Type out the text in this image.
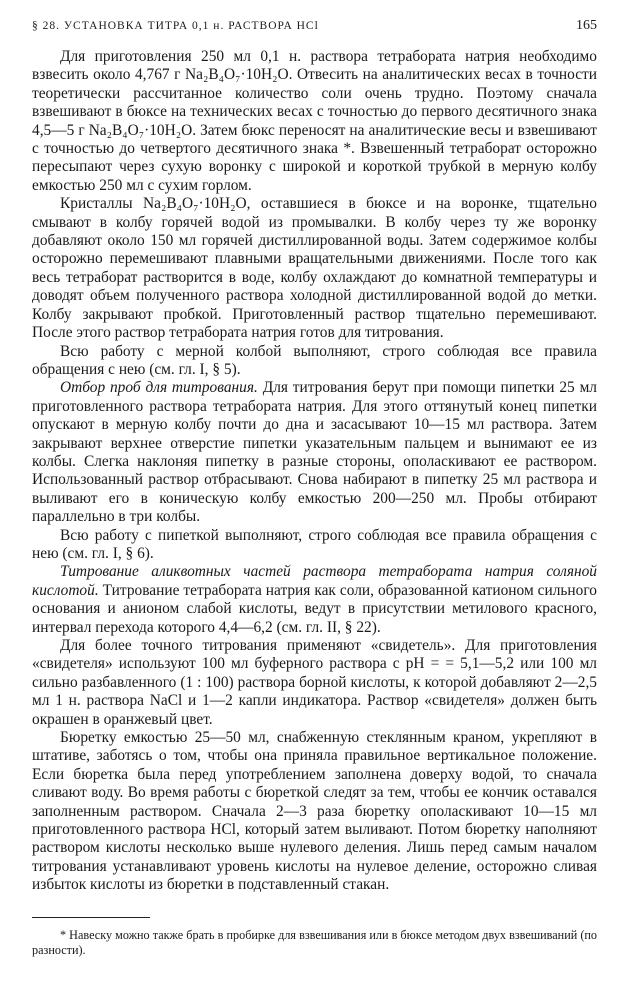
§ 28. УСТАНОВКА ТИТРА 0,1 н. РАСТВОРА HCl	165

Для приготовления 250 мл 0,1 н. раствора тетрабората натрия необходимо взвесить около 4,767 г Na₂B₄O₇·10H₂O. Отвесить на аналитических весах в точности теоретически рассчитанное количество соли очень трудно. Поэтому сначала взвешивают в бюксе на технических весах с точностью до первого десятичного знака 4,5—5 г Na₂B₄O₇·10H₂O. Затем бюкс переносят на аналитические весы и взвешивают с точностью до четвертого десятичного знака *. Взвешенный тетраборат осторожно пересыпают через сухую воронку с широкой и короткой трубкой в мерную колбу емкостью 250 мл с сухим горлом.

Кристаллы Na₂B₄O₇·10H₂O, оставшиеся в бюксе и на воронке, тщательно смывают в колбу горячей водой из промывалки. В колбу через ту же воронку добавляют около 150 мл горячей дистиллированной воды. Затем содержимое колбы осторожно перемешивают плавными вращательными движениями. После того как весь тетраборат растворится в воде, колбу охлаждают до комнатной температуры и доводят объем полученного раствора холодной дистиллированной водой до метки. Колбу закрывают пробкой. Приготовленный раствор тщательно перемешивают. После этого раствор тетрабората натрия готов для титрования.

Всю работу с мерной колбой выполняют, строго соблюдая все правила обращения с нею (см. гл. I, § 5).

Отбор проб для титрования. Для титрования берут при помощи пипетки 25 мл приготовленного раствора тетрабората натрия. Для этого оттянутый конец пипетки опускают в мерную колбу почти до дна и засасывают 10—15 мл раствора. Затем закрывают верхнее отверстие пипетки указательным пальцем и вынимают ее из колбы. Слегка наклоняя пипетку в разные стороны, ополаскивают ее раствором. Использованный раствор отбрасывают. Снова набирают в пипетку 25 мл раствора и выливают его в коническую колбу емкостью 200—250 мл. Пробы отбирают параллельно в три колбы.

Всю работу с пипеткой выполняют, строго соблюдая все правила обращения с нею (см. гл. I, § 6).

Титрование аликвотных частей раствора тетрабората натрия соляной кислотой. Титрование тетрабората натрия как соли, образованной катионом сильного основания и анионом слабой кислоты, ведут в присутствии метилового красного, интервал перехода которого 4,4—6,2 (см. гл. II, § 22).

Для более точного титрования применяют «свидетель». Для приготовления «свидетеля» используют 100 мл буферного раствора с pH = = 5,1—5,2 или 100 мл сильно разбавленного (1 : 100) раствора борной кислоты, к которой добавляют 2—2,5 мл 1 н. раствора NaCl и 1—2 капли индикатора. Раствор «свидетеля» должен быть окрашен в оранжевый цвет.

Бюретку емкостью 25—50 мл, снабженную стеклянным краном, укрепляют в штативе, заботясь о том, чтобы она приняла правильное вертикальное положение. Если бюретка была перед употреблением заполнена доверху водой, то сначала сливают воду. Во время работы с бюреткой следят за тем, чтобы ее кончик оставался заполненным раствором. Сначала 2—3 раза бюретку ополаскивают 10—15 мл приготовленного раствора HCl, который затем выливают. Потом бюретку наполняют раствором кислоты несколько выше нулевого деления. Лишь перед самым началом титрования устанавливают уровень кислоты на нулевое деление, осторожно сливая избыток кислоты из бюретки в подставленный стакан.

* Навеску можно также брать в пробирке для взвешивания или в бюксе методом двух взвешиваний (по разности).
